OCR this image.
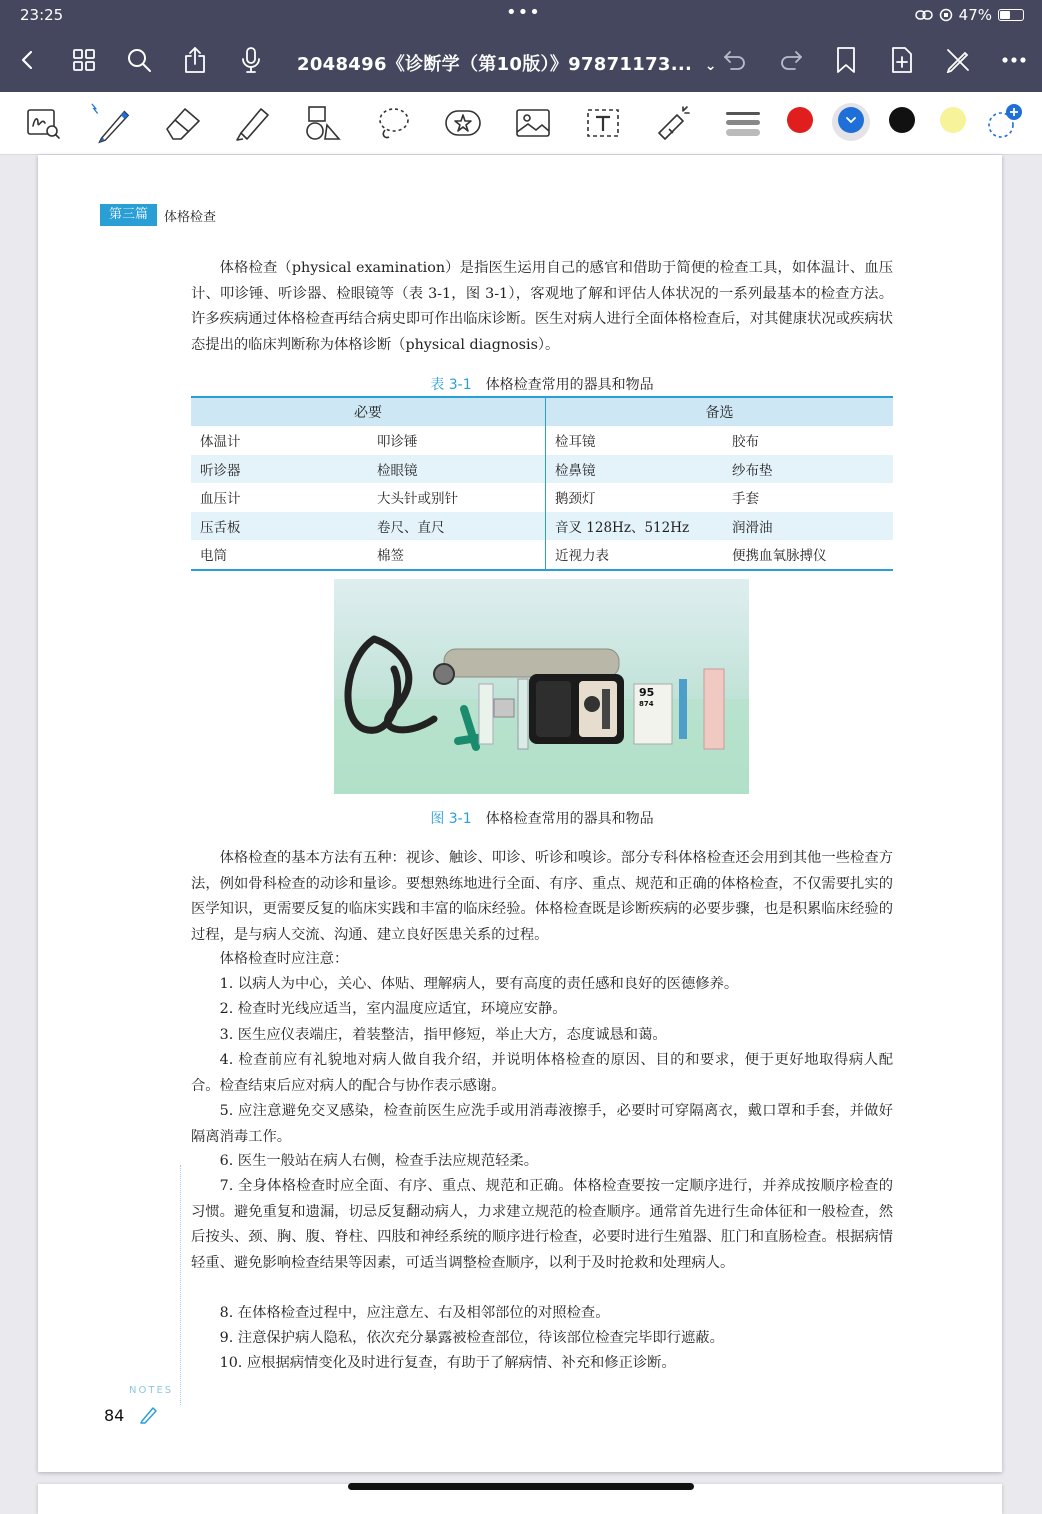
23:25	•••	47%
2048496《诊断学（第10版）》97871173... ⌄
第三篇	体格检查
体格检查（physical examination）是指医生运用自己的感官和借助于简便的检查工具，如体温计、血压计、叩诊锤、听诊器、检眼镜等（表 3-1，图 3-1），客观地了解和评估人体状况的一系列最基本的检查方法。许多疾病通过体格检查再结合病史即可作出临床诊断。医生对病人进行全面体格检查后，对其健康状况或疾病状态提出的临床判断称为体格诊断（physical diagnosis）。
表 3-1 体格检查常用的器具和物品
必要		备选	
体温计	叩诊锤	检耳镜	胶布
听诊器	检眼镜	检鼻镜	纱布垫
血压计	大头针或别针	鹅颈灯	手套
压舌板	卷尺、直尺	音叉 128Hz、512Hz	润滑油
电筒	棉签	近视力表	便携血氧脉搏仪
95 874
图 3-1 体格检查常用的器具和物品
体格检查的基本方法有五种：视诊、触诊、叩诊、听诊和嗅诊。部分专科体格检查还会用到其他一些检查方法，例如骨科检查的动诊和量诊。要想熟练地进行全面、有序、重点、规范和正确的体格检查，不仅需要扎实的医学知识，更需要反复的临床实践和丰富的临床经验。体格检查既是诊断疾病的必要步骤，也是积累临床经验的过程，是与病人交流、沟通、建立良好医患关系的过程。
体格检查时应注意：
1. 以病人为中心，关心、体贴、理解病人，要有高度的责任感和良好的医德修养。
2. 检查时光线应适当，室内温度应适宜，环境应安静。
3. 医生应仪表端庄，着装整洁，指甲修短，举止大方，态度诚恳和蔼。
4. 检查前应有礼貌地对病人做自我介绍，并说明体格检查的原因、目的和要求，便于更好地取得病人配合。检查结束后应对病人的配合与协作表示感谢。
5. 应注意避免交叉感染，检查前医生应洗手或用消毒液擦手，必要时可穿隔离衣，戴口罩和手套，并做好隔离消毒工作。
6. 医生一般站在病人右侧，检查手法应规范轻柔。
7. 全身体格检查时应全面、有序、重点、规范和正确。体格检查要按一定顺序进行，并养成按顺序检查的习惯。避免重复和遗漏，切忌反复翻动病人，力求建立规范的检查顺序。通常首先进行生命体征和一般检查，然后按头、颈、胸、腹、脊柱、四肢和神经系统的顺序进行检查，必要时进行生殖器、肛门和直肠检查。根据病情轻重、避免影响检查结果等因素，可适当调整检查顺序，以利于及时抢救和处理病人。
8. 在体格检查过程中，应注意左、右及相邻部位的对照检查。
9. 注意保护病人隐私，依次充分暴露被检查部位，待该部位检查完毕即行遮蔽。
10. 应根据病情变化及时进行复查，有助于了解病情、补充和修正诊断。
NOTES
84
